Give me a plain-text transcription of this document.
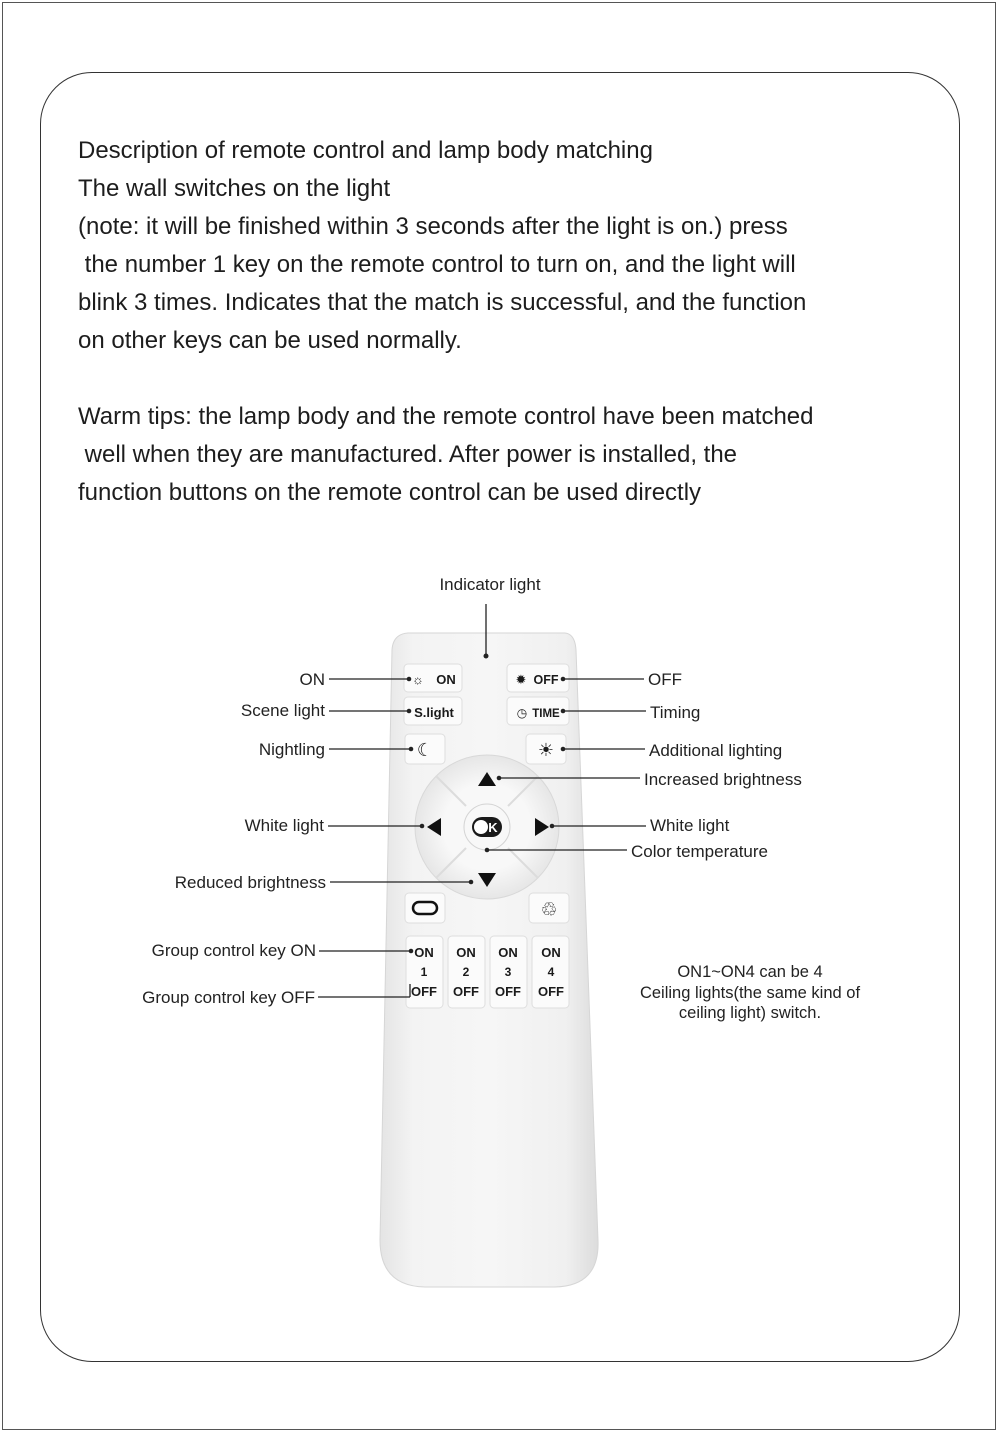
Description of remote control and lamp body matching

The wall switches on the light

(note: it will be finished within 3 seconds after the light is on.) press

the number 1 key on the remote control to turn on, and the light will

blink 3 times. Indicates that the match is successful, and the function

on other keys can be used normally.

Warm tips: the lamp body and the remote control have been matched

well when they are manufactured. After power is installed, the

function buttons on the remote control can be used directly

Indicator light
☼ ON	✹ OFF
S.light	◷ TIME
☾	☀
K
♲
ON
1
OFF
ON
2
OFF
ON
3
OFF
ON
4
OFF
ON
Scene light
Nightling
White light
Reduced brightness
Group control key ON
Group control key OFF
OFF
Timing
Additional lighting
Increased brightness
White light
Color temperature
ON1~ON4 can be 4
Ceiling lights(the same kind of
ceiling light) switch.
